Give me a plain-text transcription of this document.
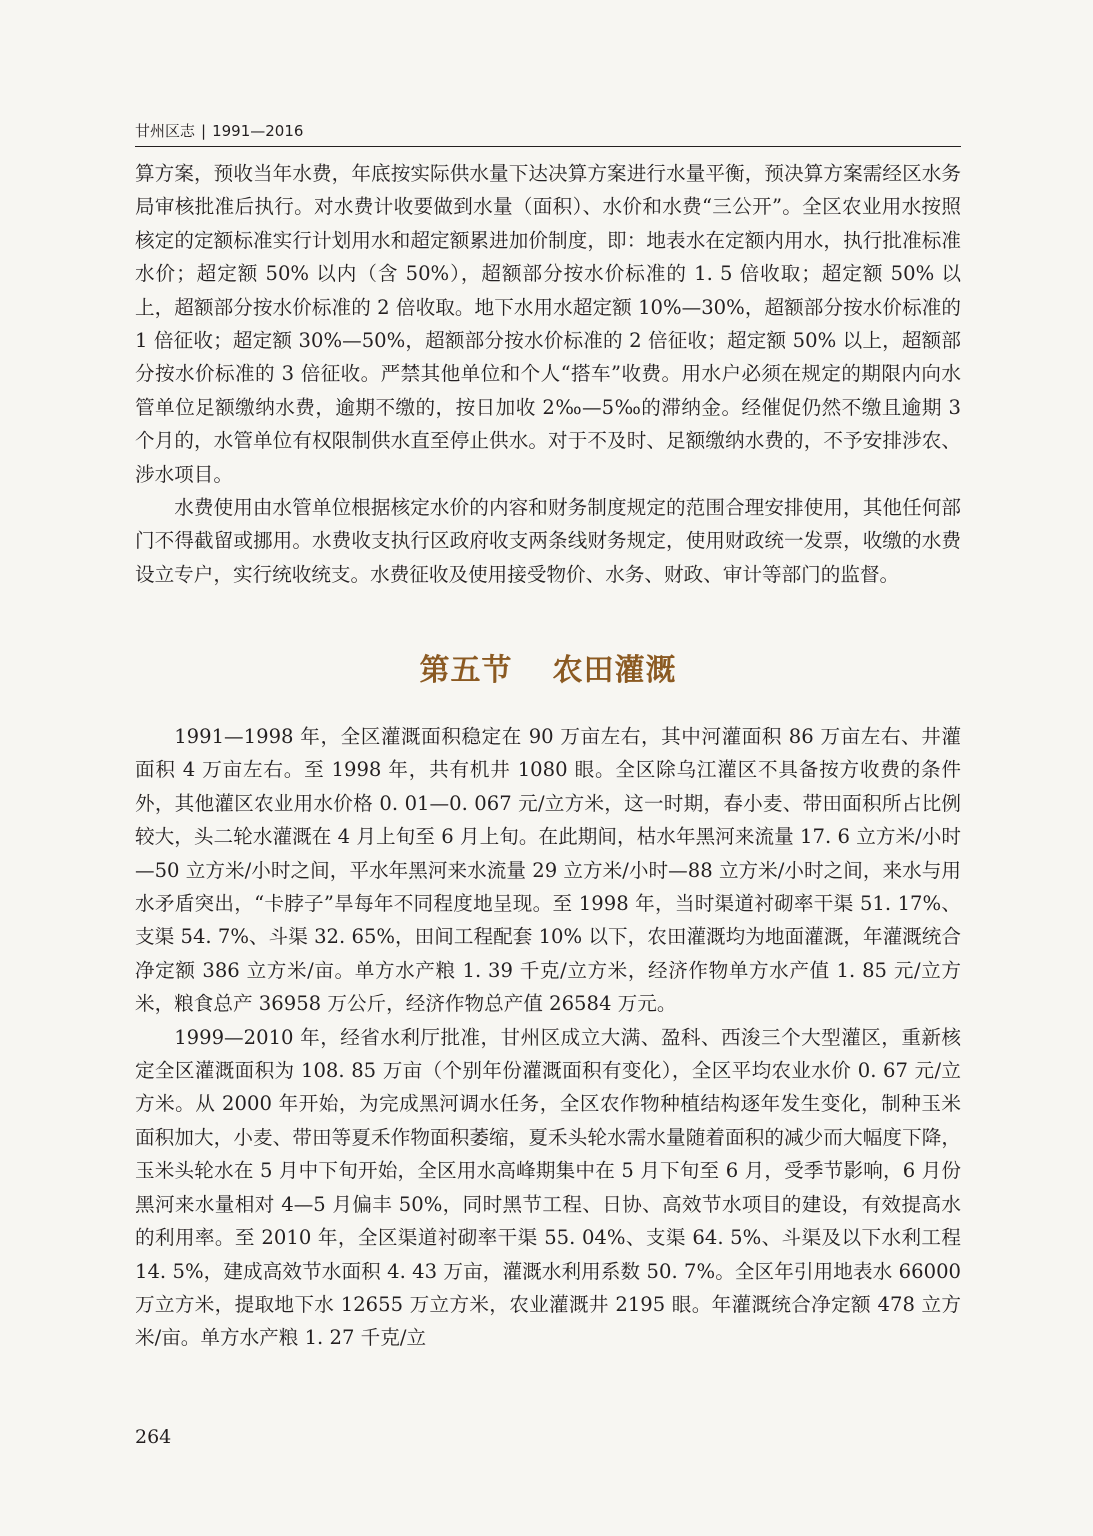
甘州区志 | 1991—2016

算方案，预收当年水费，年底按实际供水量下达决算方案进行水量平衡，预决算方案需经区水务局审核批准后执行。对水费计收要做到水量（面积）、水价和水费“三公开”。全区农业用水按照核定的定额标准实行计划用水和超定额累进加价制度，即：地表水在定额内用水，执行批准标准水价；超定额 50% 以内（含 50%），超额部分按水价标准的 1. 5 倍收取；超定额 50% 以上，超额部分按水价标准的 2 倍收取。地下水用水超定额 10%—30%，超额部分按水价标准的 1 倍征收；超定额 30%—50%，超额部分按水价标准的 2 倍征收；超定额 50% 以上，超额部分按水价标准的 3 倍征收。严禁其他单位和个人“搭车”收费。用水户必须在规定的期限内向水管单位足额缴纳水费，逾期不缴的，按日加收 2‰—5‰的滞纳金。经催促仍然不缴且逾期 3 个月的，水管单位有权限制供水直至停止供水。对于不及时、足额缴纳水费的，不予安排涉农、涉水项目。

水费使用由水管单位根据核定水价的内容和财务制度规定的范围合理安排使用，其他任何部门不得截留或挪用。水费收支执行区政府收支两条线财务规定，使用财政统一发票，收缴的水费设立专户，实行统收统支。水费征收及使用接受物价、水务、财政、审计等部门的监督。

第五节 农田灌溉

1991—1998 年，全区灌溉面积稳定在 90 万亩左右，其中河灌面积 86 万亩左右、井灌面积 4 万亩左右。至 1998 年，共有机井 1080 眼。全区除乌江灌区不具备按方收费的条件外，其他灌区农业用水价格 0. 01—0. 067 元/立方米，这一时期，春小麦、带田面积所占比例较大，头二轮水灌溉在 4 月上旬至 6 月上旬。在此期间，枯水年黑河来流量 17. 6 立方米/小时—50 立方米/小时之间，平水年黑河来水流量 29 立方米/小时—88 立方米/小时之间，来水与用水矛盾突出，“卡脖子”旱每年不同程度地呈现。至 1998 年，当时渠道衬砌率干渠 51. 17%、支渠 54. 7%、斗渠 32. 65%，田间工程配套 10% 以下，农田灌溉均为地面灌溉，年灌溉统合净定额 386 立方米/亩。单方水产粮 1. 39 千克/立方米，经济作物单方水产值 1. 85 元/立方米，粮食总产 36958 万公斤，经济作物总产值 26584 万元。

1999—2010 年，经省水利厅批准，甘州区成立大满、盈科、西浚三个大型灌区，重新核定全区灌溉面积为 108. 85 万亩（个别年份灌溉面积有变化），全区平均农业水价 0. 67 元/立方米。从 2000 年开始，为完成黑河调水任务，全区农作物种植结构逐年发生变化，制种玉米面积加大，小麦、带田等夏禾作物面积萎缩，夏禾头轮水需水量随着面积的减少而大幅度下降，玉米头轮水在 5 月中下旬开始，全区用水高峰期集中在 5 月下旬至 6 月，受季节影响，6 月份黑河来水量相对 4—5 月偏丰 50%，同时黑节工程、日协、高效节水项目的建设，有效提高水的利用率。至 2010 年，全区渠道衬砌率干渠 55. 04%、支渠 64. 5%、斗渠及以下水利工程 14. 5%，建成高效节水面积 4. 43 万亩，灌溉水利用系数 50. 7%。全区年引用地表水 66000 万立方米，提取地下水 12655 万立方米，农业灌溉井 2195 眼。年灌溉统合净定额 478 立方米/亩。单方水产粮 1. 27 千克/立

264
